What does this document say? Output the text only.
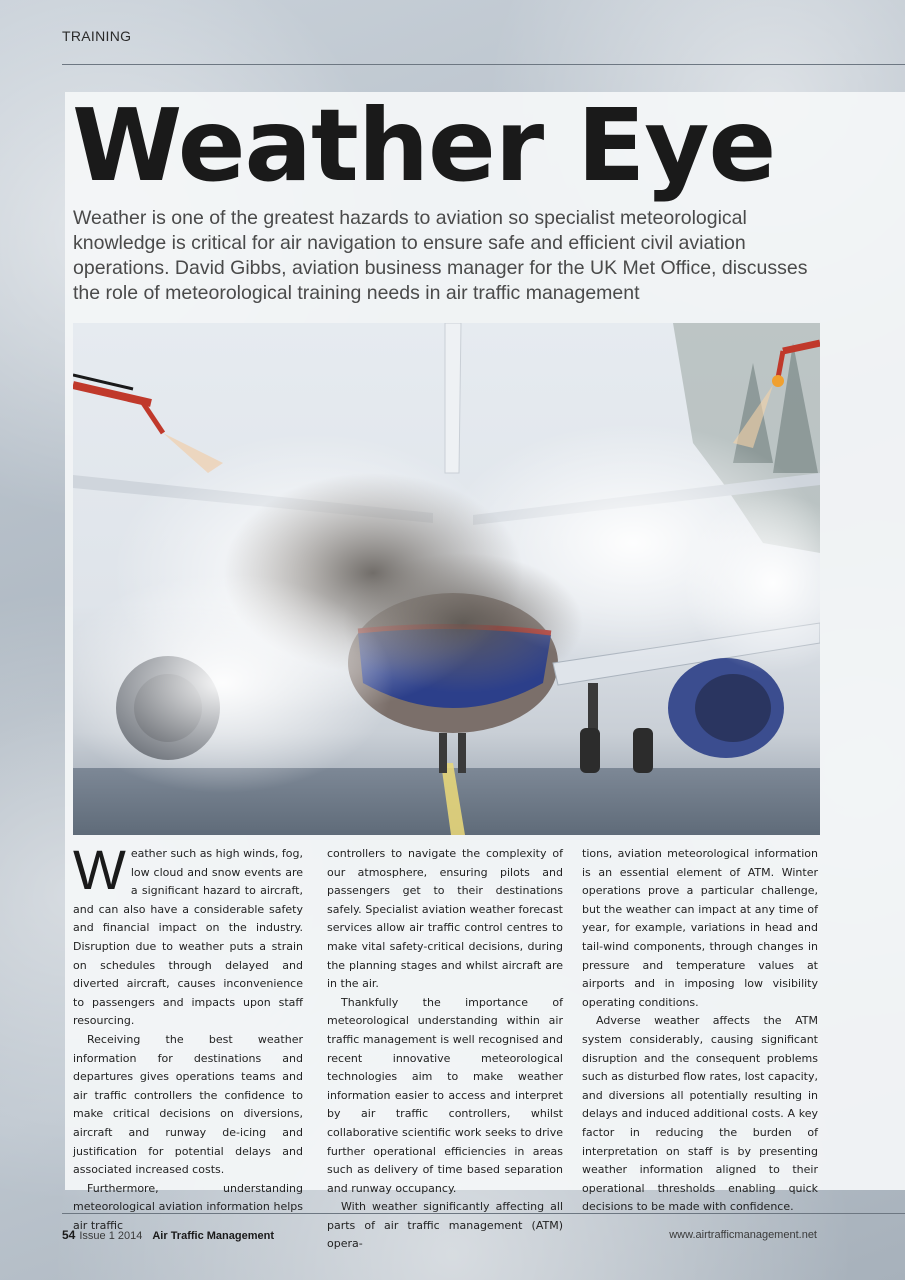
TRAINING
Weather Eye

Weather is one of the greatest hazards to aviation so specialist meteorological knowledge is critical for air navigation to ensure safe and efficient civil aviation operations. David Gibbs, aviation business manager for the UK Met Office, discusses the role of meteorological training needs in air traffic management

Weather such as high winds, fog, low cloud and snow events are a significant hazard to aircraft, and can also have a considerable safety and financial impact on the industry. Disruption due to weather puts a strain on schedules through delayed and diverted aircraft, causes inconvenience to passengers and impacts upon staff resourcing.

Receiving the best weather information for destinations and departures gives operations teams and air traffic controllers the confidence to make critical decisions on diversions, aircraft and runway de-icing and justification for potential delays and associated increased costs.

Furthermore, understanding meteorological aviation information helps air traffic

controllers to navigate the complexity of our atmosphere, ensuring pilots and passengers get to their destinations safely. Specialist aviation weather forecast services allow air traffic control centres to make vital safety-critical decisions, during the planning stages and whilst aircraft are in the air.

Thankfully the importance of meteorological understanding within air traffic management is well recognised and recent innovative meteorological technologies aim to make weather information easier to access and interpret by air traffic controllers, whilst collaborative scientific work seeks to drive further operational efficiencies in areas such as delivery of time based separation and runway occupancy.

With weather significantly affecting all parts of air traffic management (ATM) opera-

tions, aviation meteorological information is an essential element of ATM. Winter operations prove a particular challenge, but the weather can impact at any time of year, for example, variations in head and tail-wind components, through changes in pressure and temperature values at airports and in imposing low visibility operating conditions.

Adverse weather affects the ATM system considerably, causing significant disruption and the consequent problems such as disturbed flow rates, lost capacity, and diversions all potentially resulting in delays and induced additional costs. A key factor in reducing the burden of interpretation on staff is by presenting weather information aligned to their operational thresholds enabling quick decisions to be made with confidence.

54 Issue 1 2014 Air Traffic Management	www.airtrafficmanagement.net
